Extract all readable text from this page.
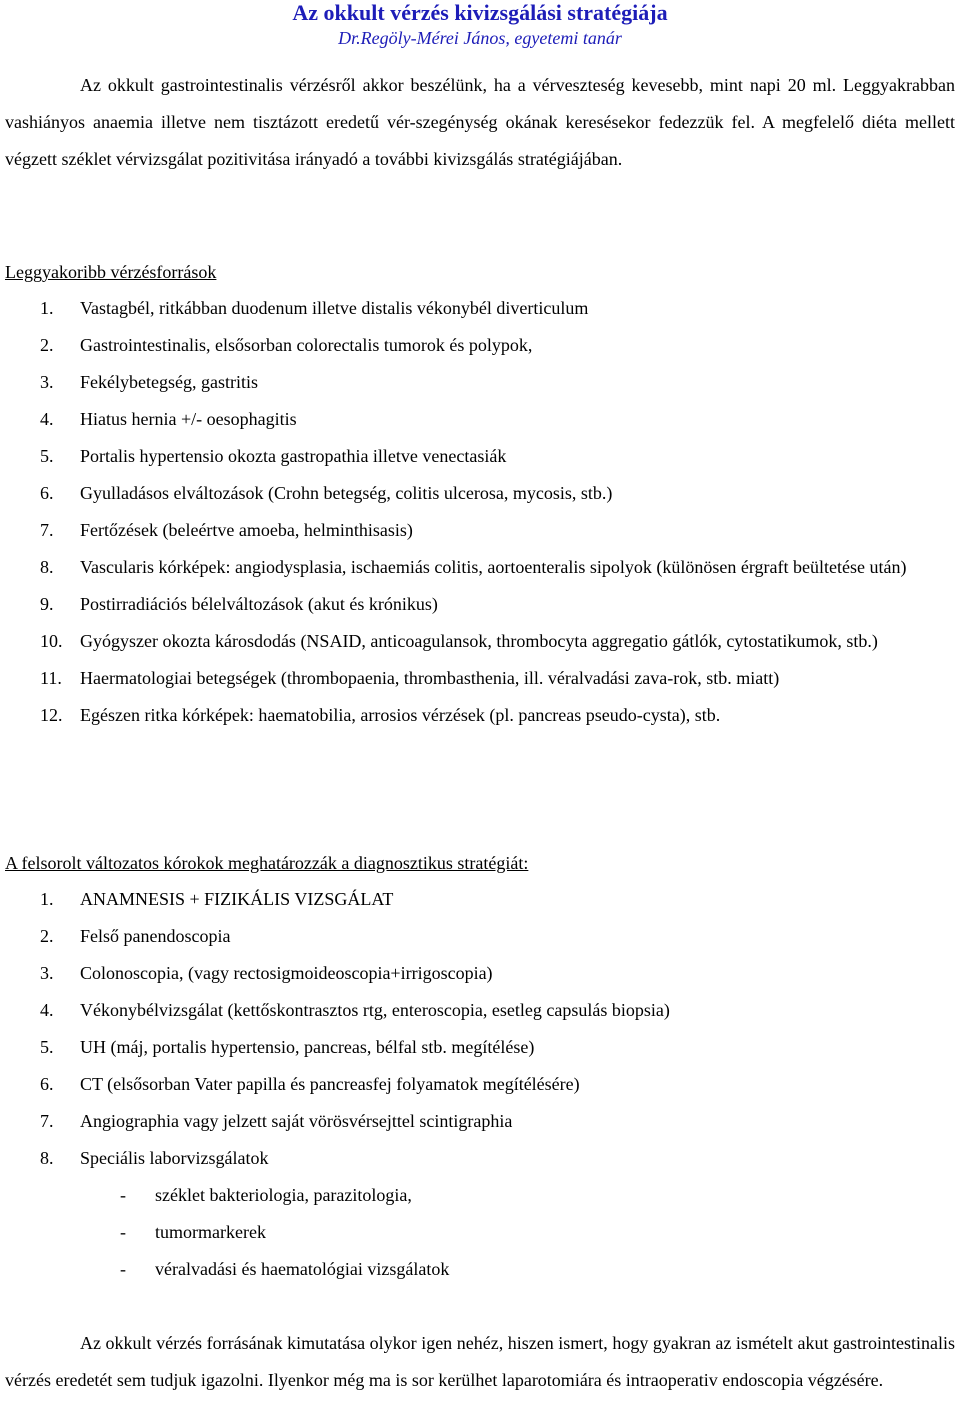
Az okkult vérzés kivizsgálási stratégiája

Dr.Regöly-Mérei János, egyetemi tanár

Az okkult gastrointestinalis vérzésről akkor beszélünk, ha a vérveszteség kevesebb, mint napi 20 ml. Leggyakrabban vashiányos anaemia illetve nem tisztázott eredetű vér-szegénység okának keresésekor fedezzük fel. A megfelelő diéta mellett végzett széklet vérvizsgálat pozitivitása irányadó a további kivizsgálás stratégiájában.

Leggyakoribb vérzésforrások

1.	Vastagbél, ritkábban duodenum illetve distalis vékonybél diverticulum
2.	Gastrointestinalis, elsősorban colorectalis tumorok és polypok,
3.	Fekélybetegség, gastritis
4.	Hiatus hernia +/- oesophagitis
5.	Portalis hypertensio okozta gastropathia illetve venectasiák
6.	Gyulladásos elváltozások (Crohn betegség, colitis ulcerosa, mycosis, stb.)
7.	Fertőzések (beleértve amoeba, helminthisasis)
8.	Vascularis kórképek: angiodysplasia, ischaemiás colitis, aortoenteralis sipolyok (különösen érgraft beültetése után)
9.	Postirradiációs bélelváltozások (akut és krónikus)
10. Gyógyszer okozta károsdodás (NSAID, anticoagulansok, thrombocyta aggregatio gátlók, cytostatikumok, stb.)
11.	Haermatologiai betegségek (thrombopaenia, thrombasthenia, ill. véralvadási zava-rok, stb. miatt)
12. Egészen ritka kórképek: haematobilia, arrosios vérzések (pl. pancreas pseudo-cysta), stb.

A felsorolt változatos kórokok meghatározzák a diagnosztikus stratégiát:

1.	ANAMNESIS + FIZIKÁLIS VIZSGÁLAT
2.	Felső panendoscopia
3.	Colonoscopia, (vagy rectosigmoideoscopia+irrigoscopia)
4.	Vékonybélvizsgálat (kettőskontrasztos rtg, enteroscopia, esetleg capsulás biopsia)
5.	UH (máj, portalis hypertensio, pancreas, bélfal stb. megítélése)
6.	CT (elsősorban Vater papilla és pancreasfej folyamatok megítélésére)
7.	Angiographia vagy jelzett saját vörösvérsejttel scintigraphia
8.	Speciális laborvizsgálatok
-	széklet bakteriologia, parazitologia,
-	tumormarkerek
-	véralvadási és haematológiai vizsgálatok

Az okkult vérzés forrásának kimutatása olykor igen nehéz, hiszen ismert, hogy gyakran az ismételt akut gastrointestinalis vérzés eredetét sem tudjuk igazolni. Ilyenkor még ma is sor kerülhet laparotomiára és intraoperativ endoscopia végzésére.
